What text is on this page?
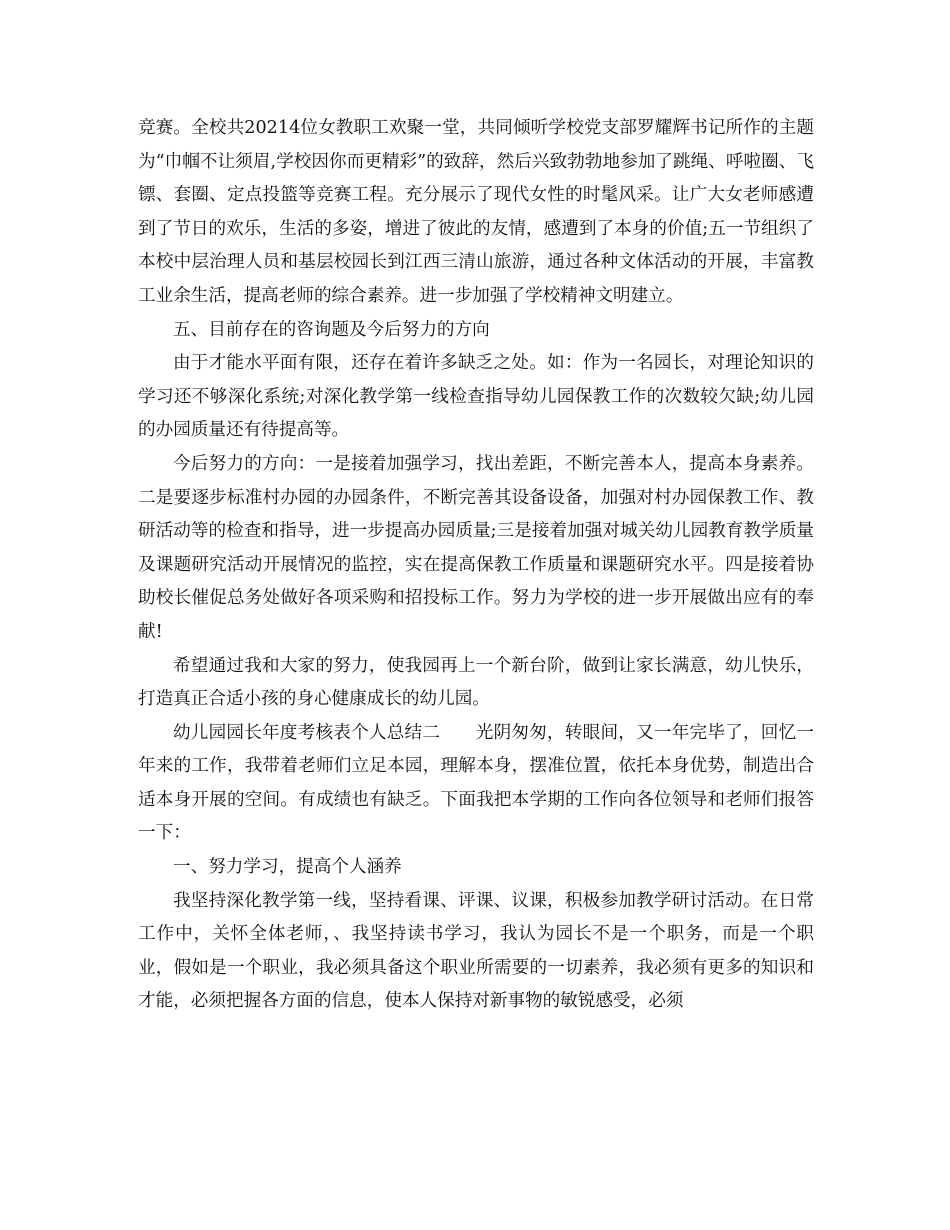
竞赛。全校共20214位女教职工欢聚一堂，共同倾听学校党支部罗耀辉书记所作的主题为“巾帼不让须眉,学校因你而更精彩”的致辞，然后兴致勃勃地参加了跳绳、呼啦圈、飞镖、套圈、定点投篮等竞赛工程。充分展示了现代女性的时髦风采。让广大女老师感遭到了节日的欢乐，生活的多姿，增进了彼此的友情，感遭到了本身的价值;五一节组织了本校中层治理人员和基层校园长到江西三清山旅游，通过各种文体活动的开展，丰富教工业余生活，提高老师的综合素养。进一步加强了学校精神文明建立。

五、目前存在的咨询题及今后努力的方向

由于才能水平面有限，还存在着许多缺乏之处。如：作为一名园长，对理论知识的学习还不够深化系统;对深化教学第一线检查指导幼儿园保教工作的次数较欠缺;幼儿园的办园质量还有待提高等。

今后努力的方向：一是接着加强学习，找出差距，不断完善本人，提高本身素养。二是要逐步标准村办园的办园条件，不断完善其设备设备，加强对村办园保教工作、教研活动等的检查和指导，进一步提高办园质量;三是接着加强对城关幼儿园教育教学质量及课题研究活动开展情况的监控，实在提高保教工作质量和课题研究水平。四是接着协助校长催促总务处做好各项采购和招投标工作。努力为学校的进一步开展做出应有的奉献!

希望通过我和大家的努力，使我园再上一个新台阶，做到让家长满意，幼儿快乐，打造真正合适小孩的身心健康成长的幼儿园。

幼儿园园长年度考核表个人总结二　　光阴匆匆，转眼间，又一年完毕了，回忆一年来的工作，我带着老师们立足本园，理解本身，摆准位置，依托本身优势，制造出合适本身开展的空间。有成绩也有缺乏。下面我把本学期的工作向各位领导和老师们报答一下：

一、努力学习，提高个人涵养

我坚持深化教学第一线，坚持看课、评课、议课，积极参加教学研讨活动。在日常工作中，关怀全体老师，、我坚持读书学习，我认为园长不是一个职务，而是一个职业，假如是一个职业，我必须具备这个职业所需要的一切素养，我必须有更多的知识和才能，必须把握各方面的信息，使本人保持对新事物的敏锐感受，必须
